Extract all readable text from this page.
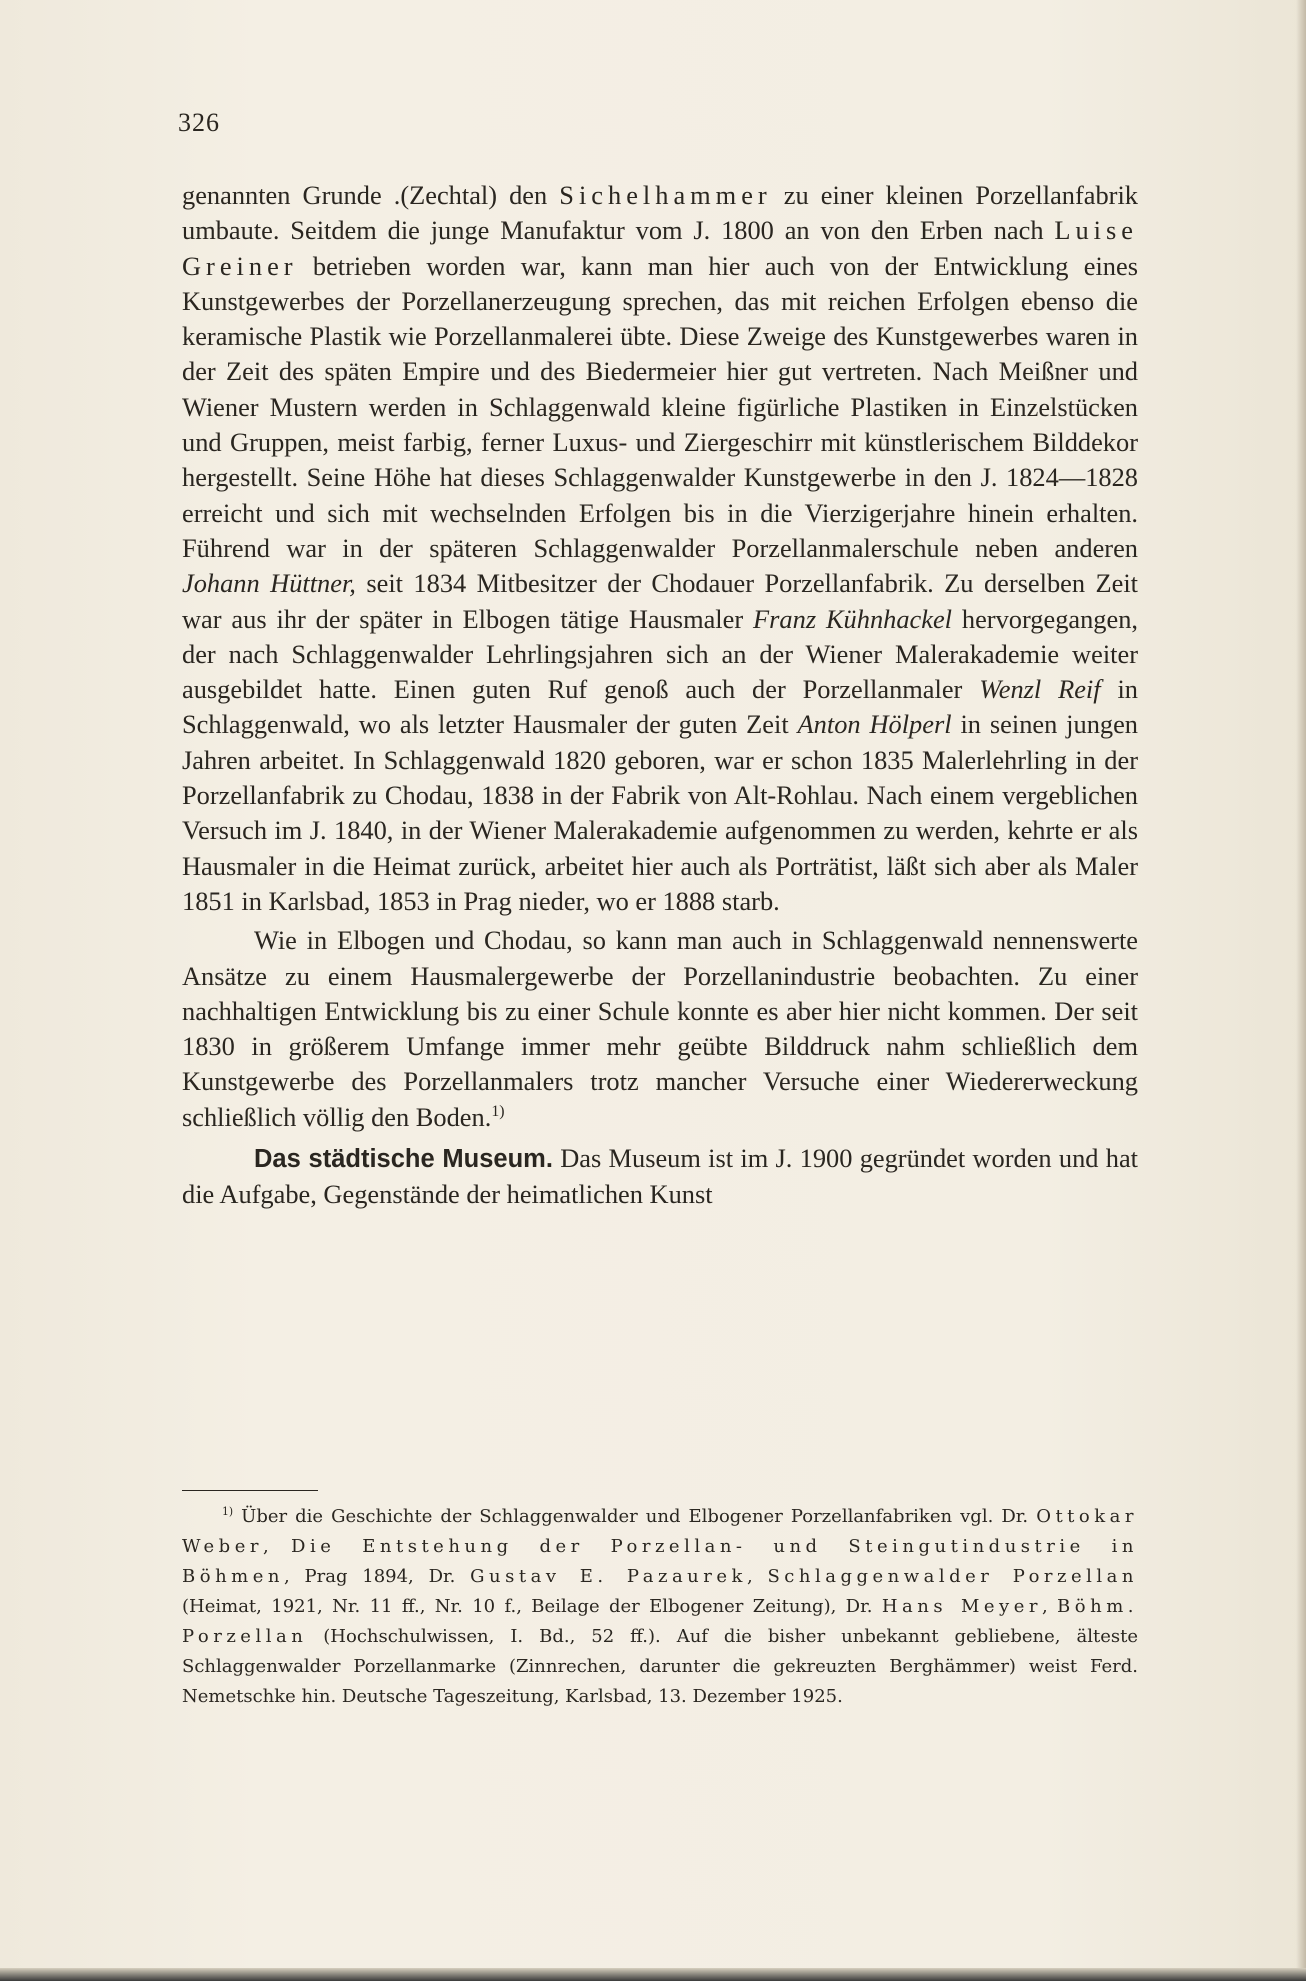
326

genannten Grunde .(Zechtal) den Sichelhammer zu einer kleinen Porzellanfabrik umbaute. Seitdem die junge Manufaktur vom J. 1800 an von den Erben nach Luise Greiner betrieben worden war, kann man hier auch von der Entwicklung eines Kunstgewerbes der Porzellanerzeugung sprechen, das mit reichen Erfolgen ebenso die keramische Plastik wie Porzellanmalerei übte. Diese Zweige des Kunstgewerbes waren in der Zeit des späten Empire und des Biedermeier hier gut vertreten. Nach Meißner und Wiener Mustern werden in Schlaggenwald kleine figürliche Plastiken in Einzelstücken und Gruppen, meist farbig, ferner Luxus- und Ziergeschirr mit künstlerischem Bilddekor hergestellt. Seine Höhe hat dieses Schlaggenwalder Kunstgewerbe in den J. 1824—1828 erreicht und sich mit wechselnden Erfolgen bis in die Vierzigerjahre hinein erhalten. Führend war in der späteren Schlaggenwalder Porzellanmalerschule neben anderen Johann Hüttner, seit 1834 Mitbesitzer der Chodauer Porzellanfabrik. Zu derselben Zeit war aus ihr der später in Elbogen tätige Hausmaler Franz Kühnhackel hervorgegangen, der nach Schlaggenwalder Lehrlingsjahren sich an der Wiener Malerakademie weiter ausgebildet hatte. Einen guten Ruf genoß auch der Porzellanmaler Wenzl Reif in Schlaggenwald, wo als letzter Hausmaler der guten Zeit Anton Hölperl in seinen jungen Jahren arbeitet. In Schlaggenwald 1820 geboren, war er schon 1835 Malerlehrling in der Porzellanfabrik zu Chodau, 1838 in der Fabrik von Alt-Rohlau. Nach einem vergeblichen Versuch im J. 1840, in der Wiener Malerakademie aufgenommen zu werden, kehrte er als Hausmaler in die Heimat zurück, arbeitet hier auch als Porträtist, läßt sich aber als Maler 1851 in Karlsbad, 1853 in Prag nieder, wo er 1888 starb.

Wie in Elbogen und Chodau, so kann man auch in Schlaggenwald nennenswerte Ansätze zu einem Hausmalergewerbe der Porzellanindustrie beobachten. Zu einer nachhaltigen Entwicklung bis zu einer Schule konnte es aber hier nicht kommen. Der seit 1830 in größerem Umfange immer mehr geübte Bilddruck nahm schließlich dem Kunstgewerbe des Porzellanmalers trotz mancher Versuche einer Wiedererweckung schließlich völlig den Boden.$^{1)}$

Das städtische Museum. Das Museum ist im J. 1900 gegründet worden und hat die Aufgabe, Gegenstände der heimatlichen Kunst

$^{1)}$ Über die Geschichte der Schlaggenwalder und Elbogener Porzellanfabriken vgl. Dr. Ottokar Weber, Die Entstehung der Porzellan- und Steingutindustrie in Böhmen, Prag 1894, Dr. Gustav E. Pazaurek, Schlaggenwalder Porzellan (Heimat, 1921, Nr. 11 ff., Nr. 10 f., Beilage der Elbogener Zeitung), Dr. Hans Meyer, Böhm. Porzellan (Hochschulwissen, I. Bd., 52 ff.). Auf die bisher unbekannt gebliebene, älteste Schlaggenwalder Porzellanmarke (Zinnrechen, darunter die gekreuzten Berghämmer) weist Ferd. Nemetschke hin. Deutsche Tageszeitung, Karlsbad, 13. Dezember 1925.
